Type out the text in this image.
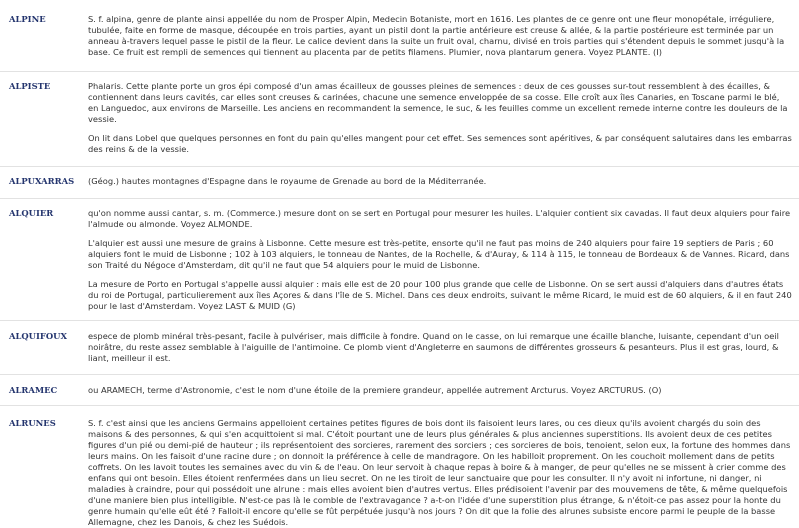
ALPINE	S. f. alpina, genre de plante ainsi appellée du nom de Prosper Alpin, Medecin Botaniste, mort en 1616. Les plantes de ce genre ont une fleur monopétale, irréguliere, tubulée, faite en forme de masque, découpée en trois parties, ayant un pistil dont la partie antérieure est creuse & allée, & la partie postérieure est terminée par un anneau à-travers lequel passe le pistil de la fleur. Le calice devient dans la suite un fruit oval, charnu, divisé en trois parties qui s'étendent depuis le sommet jusqu'à la base. Ce fruit est rempli de semences qui tiennent au placenta par de petits filamens. Plumier, nova plantarum genera. Voyez PLANTE. (I)

ALPISTE	Phalaris. Cette plante porte un gros épi composé d'un amas écailleux de gousses pleines de semences : deux de ces gousses sur-tout ressemblent à des écailles, & contiennent dans leurs cavités, car elles sont creuses & carinées, chacune une semence enveloppée de sa cosse. Elle croît aux îles Canaries, en Toscane parmi le blé, en Languedoc, aux environs de Marseille. Les anciens en recommandent la semence, le suc, & les feuilles comme un excellent remede interne contre les douleurs de la vessie.

On lit dans Lobel que quelques personnes en font du pain qu'elles mangent pour cet effet. Ses semences sont apéritives, & par conséquent salutaires dans les embarras des reins & de la vessie.

ALPUXARRAS	(Géog.) hautes montagnes d'Espagne dans le royaume de Grenade au bord de la Méditerranée.

ALQUIER	qu'on nomme aussi cantar, s. m. (Commerce.) mesure dont on se sert en Portugal pour mesurer les huiles. L'alquier contient six cavadas. Il faut deux alquiers pour faire l'almude ou almonde. Voyez ALMONDE.

L'alquier est aussi une mesure de grains à Lisbonne. Cette mesure est très-petite, ensorte qu'il ne faut pas moins de 240 alquiers pour faire 19 septiers de Paris ; 60 alquiers font le muid de Lisbonne ; 102 à 103 alquiers, le tonneau de Nantes, de la Rochelle, & d'Auray, & 114 à 115, le tonneau de Bordeaux & de Vannes. Ricard, dans son Traité du Négoce d'Amsterdam, dit qu'il ne faut que 54 alquiers pour le muid de Lisbonne.

La mesure de Porto en Portugal s'appelle aussi alquier : mais elle est de 20 pour 100 plus grande que celle de Lisbonne. On se sert aussi d'alquiers dans d'autres états du roi de Portugal, particulierement aux îles Açores & dans l'île de S. Michel. Dans ces deux endroits, suivant le même Ricard, le muid est de 60 alquiers, & il en faut 240 pour le last d'Amsterdam. Voyez LAST & MUID (G)

ALQUIFOUX	espece de plomb minéral très-pesant, facile à pulvériser, mais difficile à fondre. Quand on le casse, on lui remarque une écaille blanche, luisante, cependant d'un oeil noirâtre, du reste assez semblable à l'aiguille de l'antimoine. Ce plomb vient d'Angleterre en saumons de différentes grosseurs & pesanteurs. Plus il est gras, lourd, & liant, meilleur il est.

ALRAMEC	ou ARAMECH, terme d'Astronomie, c'est le nom d'une étoile de la premiere grandeur, appellée autrement Arcturus. Voyez ARCTURUS. (O)

ALRUNES	S. f. c'est ainsi que les anciens Germains appelloient certaines petites figures de bois dont ils faisoient leurs lares, ou ces dieux qu'ils avoient chargés du soin des maisons & des personnes, & qui s'en acquittoient si mal. C'étoit pourtant une de leurs plus générales & plus anciennes superstitions. Ils avoient deux de ces petites figures d'un pié ou demi-pié de hauteur ; ils représentoient des sorcieres, rarement des sorciers ; ces sorcieres de bois, tenoient, selon eux, la fortune des hommes dans leurs mains. On les faisoit d'une racine dure ; on donnoit la préférence à celle de mandragore. On les habilloit proprement. On les couchoit mollement dans de petits coffrets. On les lavoit toutes les semaines avec du vin & de l'eau. On leur servoit à chaque repas à boire & à manger, de peur qu'elles ne se missent à crier comme des enfans qui ont besoin. Elles étoient renfermées dans un lieu secret. On ne les tiroit de leur sanctuaire que pour les consulter. Il n'y avoit ni infortune, ni danger, ni maladies à craindre, pour qui possédoit une alrune : mais elles avoient bien d'autres vertus. Elles prédisoient l'avenir par des mouvemens de tête, & même quelquefois d'une maniere bien plus intelligible. N'est-ce pas là le comble de l'extravagance ? a-t-on l'idée d'une superstition plus étrange, & n'étoit-ce pas assez pour la honte du genre humain qu'elle eût été ? Falloit-il encore qu'elle se fût perpétuée jusqu'à nos jours ? On dit que la folie des alrunes subsiste encore parmi le peuple de la basse Allemagne, chez les Danois, & chez les Suédois.
